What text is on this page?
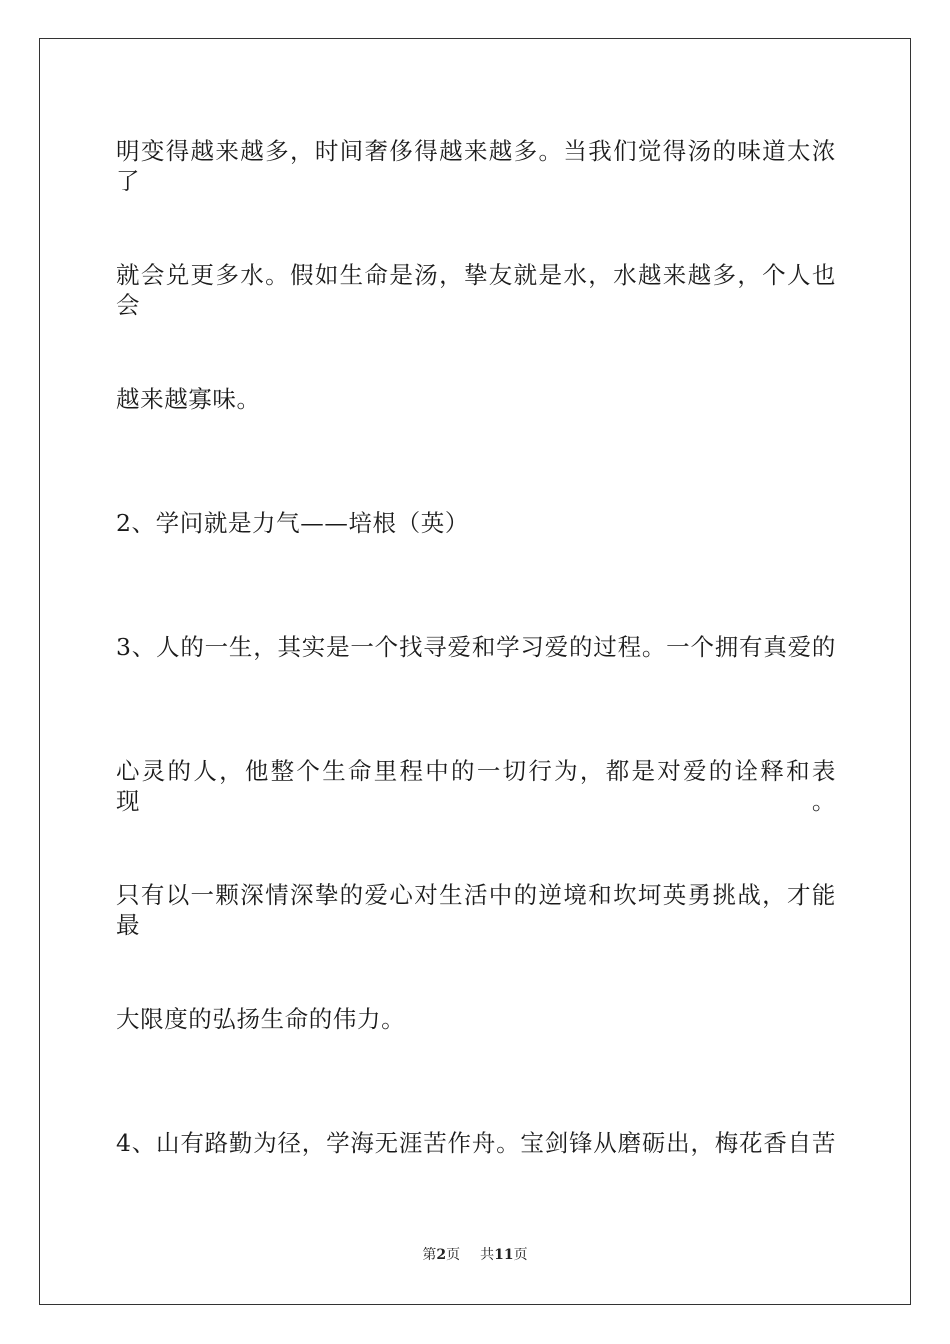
明变得越来越多，时间奢侈得越来越多。当我们觉得汤的味道太浓了
就会兑更多水。假如生命是汤，挚友就是水，水越来越多，个人也会
越来越寡味。
2、学问就是力气——培根（英）
3、人的一生，其实是一个找寻爱和学习爱的过程。一个拥有真爱的
心灵的人，他整个生命里程中的一切行为，都是对爱的诠释和表现。
只有以一颗深情深挚的爱心对生活中的逆境和坎坷英勇挑战，才能最
大限度的弘扬生命的伟力。
4、山有路勤为径，学海无涯苦作舟。宝剑锋从磨砺出，梅花香自苦
第2页 共11页
